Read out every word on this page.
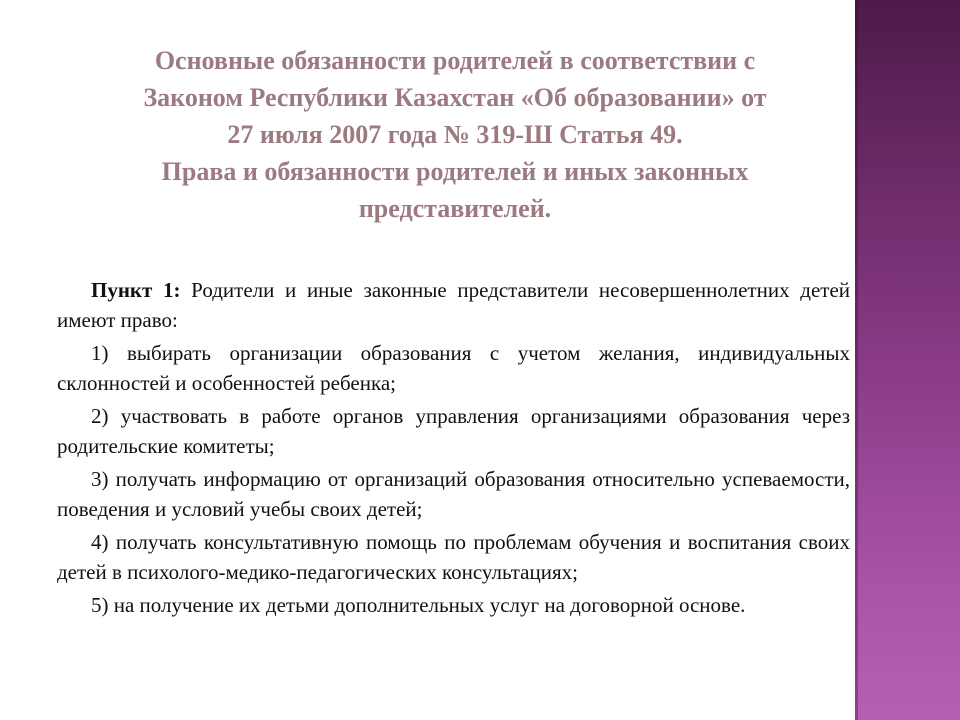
Основные обязанности родителей в соответствии с
Законом Республики Казахстан «Об образовании» от
27 июля 2007 года № 319-Ш Статья 49.
Права и обязанности родителей и иных законных
представителей.

Пункт 1: Родители и иные законные представители несовершеннолетних детей имеют право:

1) выбирать организации образования с учетом желания, индивидуальных склонностей и особенностей ребенка;

2) участвовать в работе органов управления организациями образования через родительские комитеты;

3) получать информацию от организаций образования относительно успеваемости, поведения и условий учебы своих детей;

4) получать консультативную помощь по проблемам обучения и воспитания своих детей в психолого-медико-педагогических консультациях;

5) на получение их детьми дополнительных услуг на договорной основе.
